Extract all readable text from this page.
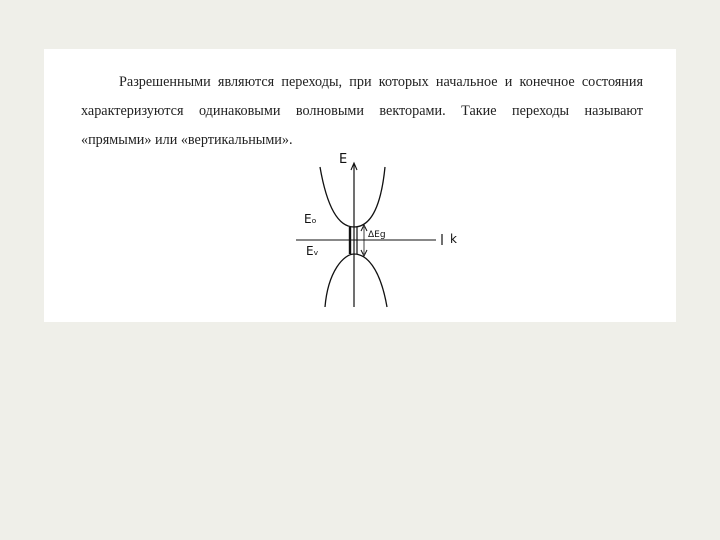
Разрешенными являются переходы, при которых начальное и конечное состояния характеризуются одинаковыми волновыми векторами. Такие переходы называют «прямыми» или «вертикальными».
E
Eₒ
Eᵥ
ΔEg	k
